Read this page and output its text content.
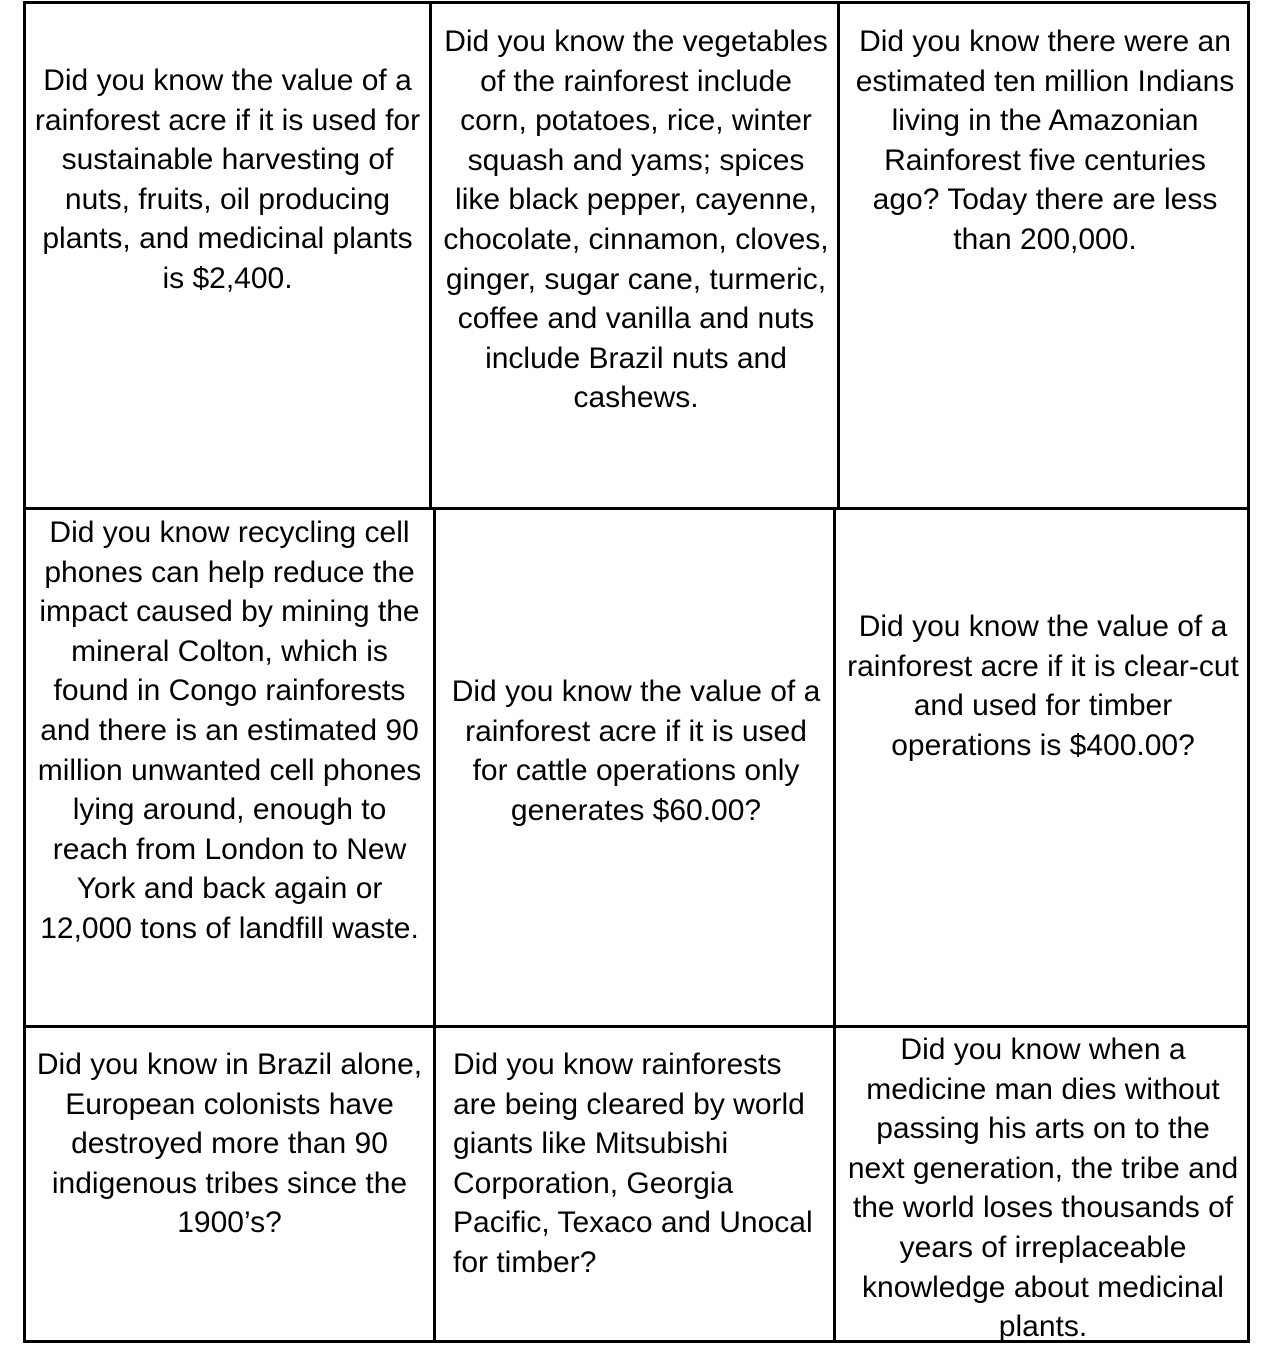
Did you know the value of a rainforest acre if it is used for sustainable harvesting of nuts, fruits, oil producing plants, and medicinal plants is $2,400.

Did you know the vegetables of the rainforest include corn, potatoes, rice, winter squash and yams; spices like black pepper, cayenne, chocolate, cinnamon, cloves, ginger, sugar cane, turmeric, coffee and vanilla and nuts include Brazil nuts and cashews.

Did you know there were an estimated ten million Indians living in the Amazonian Rainforest five centuries ago? Today there are less than 200,000.

Did you know recycling cell phones can help reduce the impact caused by mining the mineral Colton, which is found in Congo rainforests and there is an estimated 90 million unwanted cell phones lying around, enough to reach from London to New York and back again or 12,000 tons of landfill waste.

Did you know the value of a rainforest acre if it is used for cattle operations only generates $60.00?

Did you know the value of a rainforest acre if it is clear-cut and used for timber operations is $400.00?

Did you know in Brazil alone, European colonists have destroyed more than 90 indigenous tribes since the 1900’s?

Did you know rainforests are being cleared by world giants like Mitsubishi Corporation, Georgia Pacific, Texaco and Unocal for timber?

Did you know when a medicine man dies without passing his arts on to the next generation, the tribe and the world loses thousands of years of irreplaceable knowledge about medicinal plants.
